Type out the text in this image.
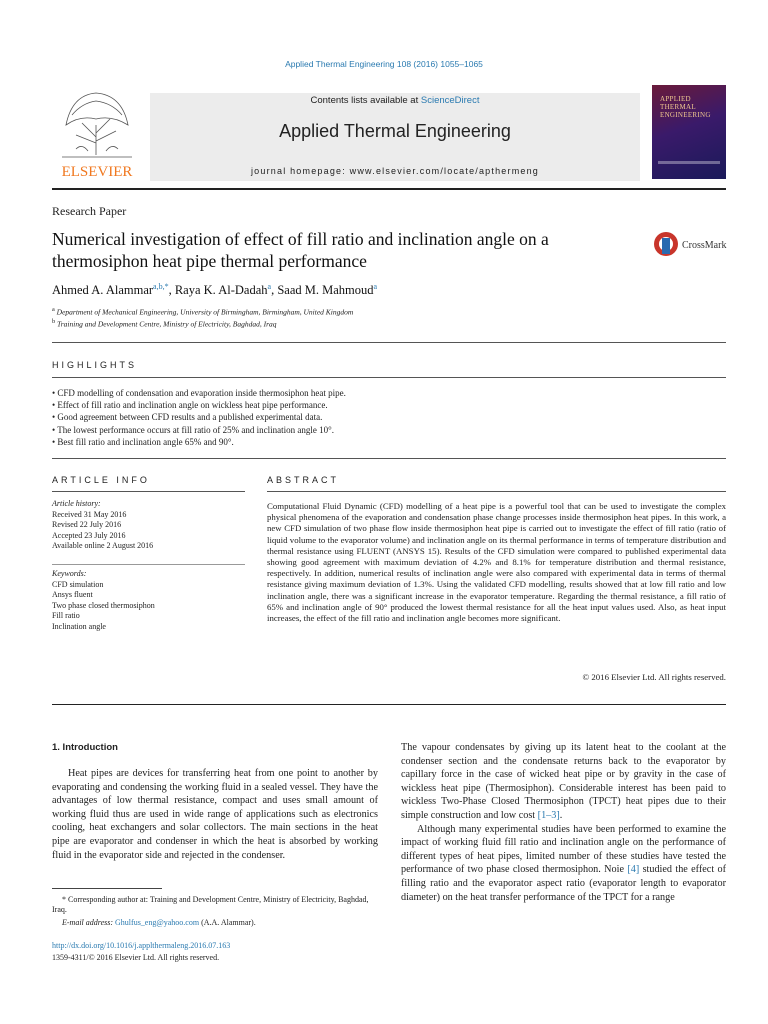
Applied Thermal Engineering 108 (2016) 1055–1065
ELSEVIER
Contents lists available at ScienceDirect
Applied Thermal Engineering
journal homepage: www.elsevier.com/locate/apthermeng
APPLIED
THERMAL
ENGINEERING
Research Paper
Numerical investigation of effect of fill ratio and inclination angle on a thermosiphon heat pipe thermal performance
CrossMark
Ahmed A. Alammar$^{a,b,*}$, Raya K. Al-Dadah$^a$, Saad M. Mahmoud$^a$
$^a$ Department of Mechanical Engineering, University of Birmingham, Birmingham, United Kingdom
$^b$ Training and Development Centre, Ministry of Electricity, Baghdad, Iraq
HIGHLIGHTS
• CFD modelling of condensation and evaporation inside thermosiphon heat pipe.
• Effect of fill ratio and inclination angle on wickless heat pipe performance.
• Good agreement between CFD results and a published experimental data.
• The lowest performance occurs at fill ratio of 25% and inclination angle 10°.
• Best fill ratio and inclination angle 65% and 90°.
ARTICLE INFO
Article history:
Received 31 May 2016
Revised 22 July 2016
Accepted 23 July 2016
Available online 2 August 2016
Keywords:
CFD simulation
Ansys fluent
Two phase closed thermosiphon
Fill ratio
Inclination angle
ABSTRACT
Computational Fluid Dynamic (CFD) modelling of a heat pipe is a powerful tool that can be used to investigate the complex physical phenomena of the evaporation and condensation phase change processes inside thermosiphon heat pipes. In this work, a new CFD simulation of two phase flow inside thermosiphon heat pipe is carried out to investigate the effect of fill ratio (ratio of liquid volume to the evaporator volume) and inclination angle on its thermal performance in terms of temperature distribution and thermal resistance using FLUENT (ANSYS 15). Results of the CFD simulation were compared to published experimental data showing good agreement with maximum deviation of 4.2% and 8.1% for temperature distribution and thermal resistance, respectively. In addition, numerical results of inclination angle were also compared with experimental data in terms of thermal resistance giving maximum deviation of 1.3%. Using the validated CFD modelling, results showed that at low fill ratio and low inclination angle, there was a significant increase in the evaporator temperature. Regarding the thermal resistance, a fill ratio of 65% and inclination angle of 90° produced the lowest thermal resistance for all the heat input values used. Also, as heat input increases, the effect of the fill ratio and inclination angle becomes more significant.
© 2016 Elsevier Ltd. All rights reserved.
1. Introduction

Heat pipes are devices for transferring heat from one point to another by evaporating and condensing the working fluid in a sealed vessel. They have the advantages of low thermal resistance, compact and uses small amount of working fluid thus are used in wide range of applications such as electronics cooling, heat exchangers and solar collectors. The main sections in the heat pipe are evaporator and condenser in which the heat is absorbed by working fluid in the evaporator side and rejected in the condenser.

The vapour condensates by giving up its latent heat to the coolant at the condenser section and the condensate returns back to the evaporator by capillary force in the case of wicked heat pipe or by gravity in the case of wickless heat pipe (Thermosiphon). Considerable interest has been paid to wickless Two-Phase Closed Thermosiphon (TPCT) heat pipes due to their simple construction and low cost [1–3].

Although many experimental studies have been performed to examine the impact of working fluid fill ratio and inclination angle on the performance of different types of heat pipes, limited number of these studies have tested the performance of two phase closed thermosiphon. Noie [4] studied the effect of filling ratio and the evaporator aspect ratio (evaporator length to evaporator diameter) on the heat transfer performance of the TPCT for a range

* Corresponding author at: Training and Development Centre, Ministry of Electricity, Baghdad, Iraq.
E-mail address: Ghulfus_eng@yahoo.com (A.A. Alammar).
http://dx.doi.org/10.1016/j.applthermaleng.2016.07.163
1359-4311/© 2016 Elsevier Ltd. All rights reserved.
